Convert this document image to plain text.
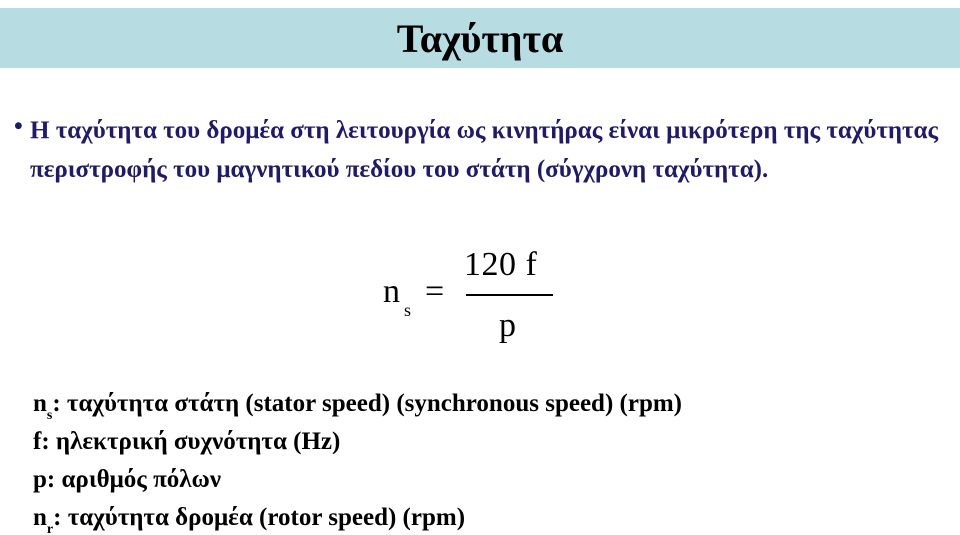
Ταχύτητα
• Η ταχύτητα του δρομέα στη λειτουργία ως κινητήρας είναι μικρότερη της ταχύτητας περιστροφής του μαγνητικού πεδίου του στάτη (σύγχρονη ταχύτητα).
n s =
120 f
p
$n_s$: ταχύτητα στάτη (stator speed) (synchronous speed) (rpm)
f: ηλεκτρική συχνότητα (Hz)
p: αριθμός πόλων
$n_r$: ταχύτητα δρομέα (rotor speed) (rpm)
